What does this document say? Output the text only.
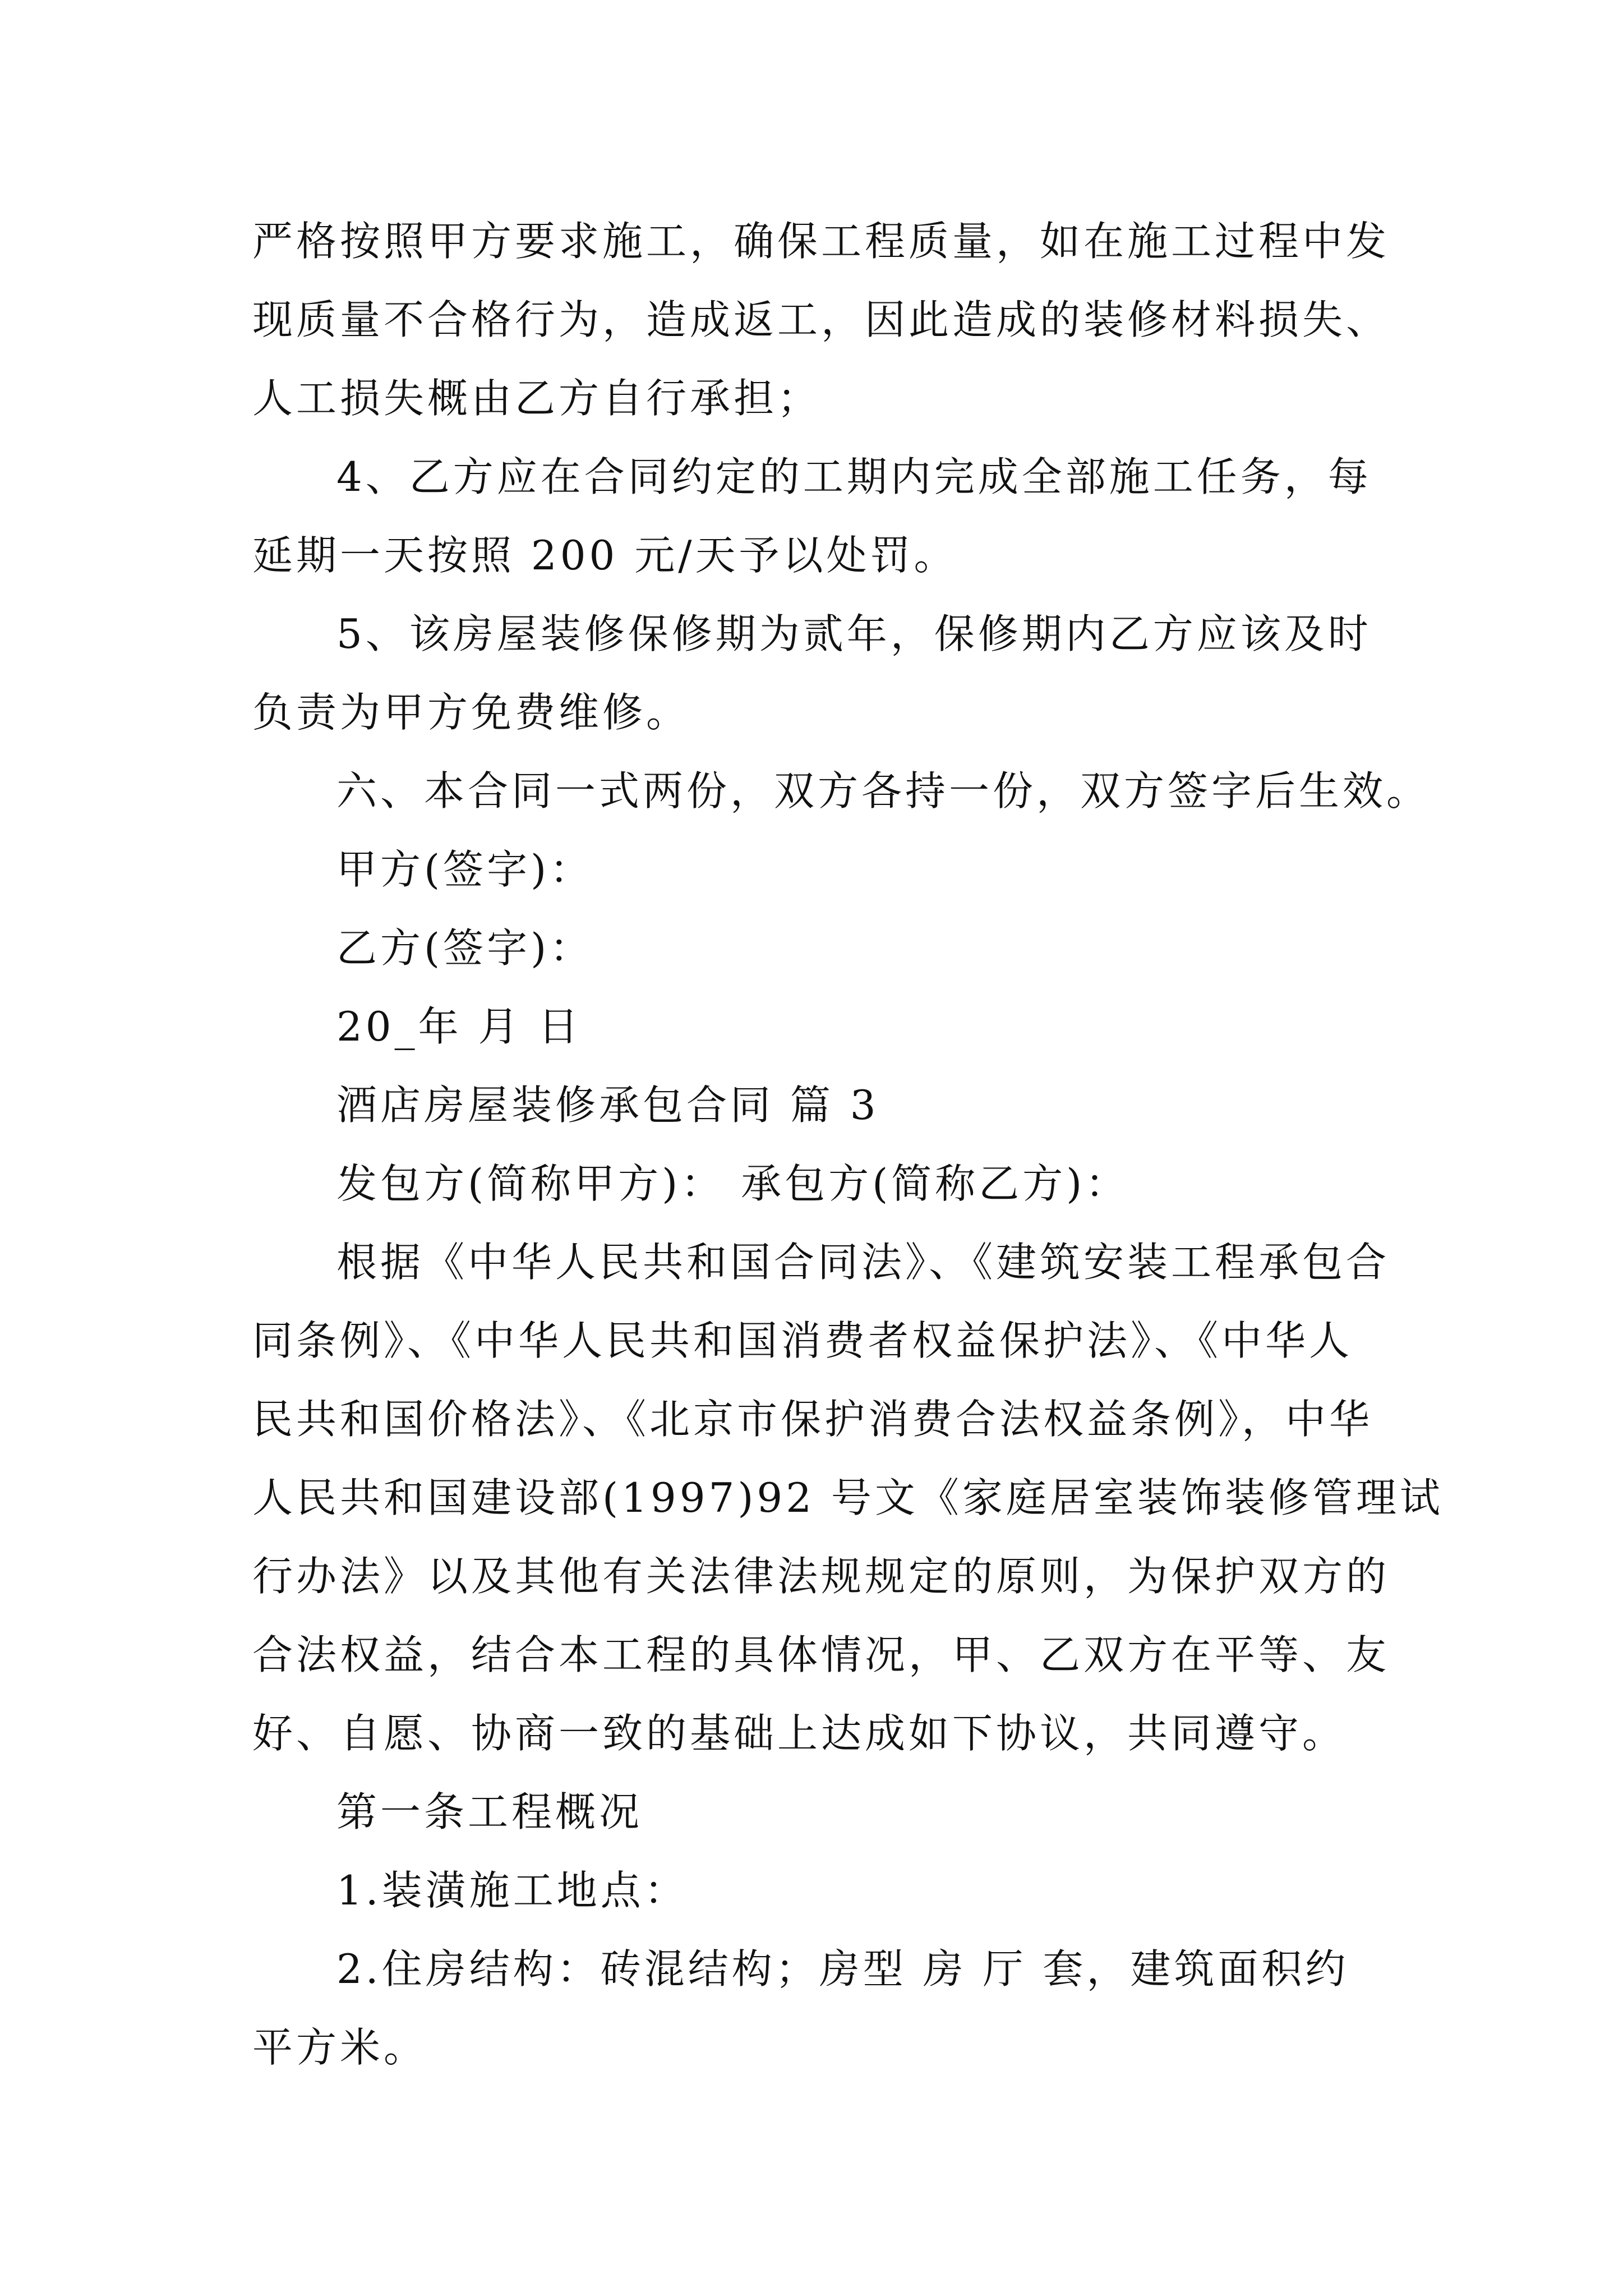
严格按照甲方要求施工，确保工程质量，如在施工过程中发
现质量不合格行为，造成返工，因此造成的装修材料损失、
人工损失概由乙方自行承担；
4、乙方应在合同约定的工期内完成全部施工任务，每
延期一天按照 200 元/天予以处罚。
5、该房屋装修保修期为贰年，保修期内乙方应该及时
负责为甲方免费维修。
六、本合同一式两份，双方各持一份，双方签字后生效。
甲方(签字)：
乙方(签字)：
20_年 月 日
酒店房屋装修承包合同 篇 3
发包方(简称甲方)： 承包方(简称乙方)：
根据《中华人民共和国合同法》、《建筑安装工程承包合
同条例》、《中华人民共和国消费者权益保护法》、《中华人
民共和国价格法》、《北京市保护消费合法权益条例》，中华
人民共和国建设部(1997)92 号文《家庭居室装饰装修管理试
行办法》以及其他有关法律法规规定的原则，为保护双方的
合法权益，结合本工程的具体情况，甲、乙双方在平等、友
好、自愿、协商一致的基础上达成如下协议，共同遵守。
第一条工程概况
1.装潢施工地点：
2.住房结构：砖混结构；房型 房 厅 套，建筑面积约
平方米。
